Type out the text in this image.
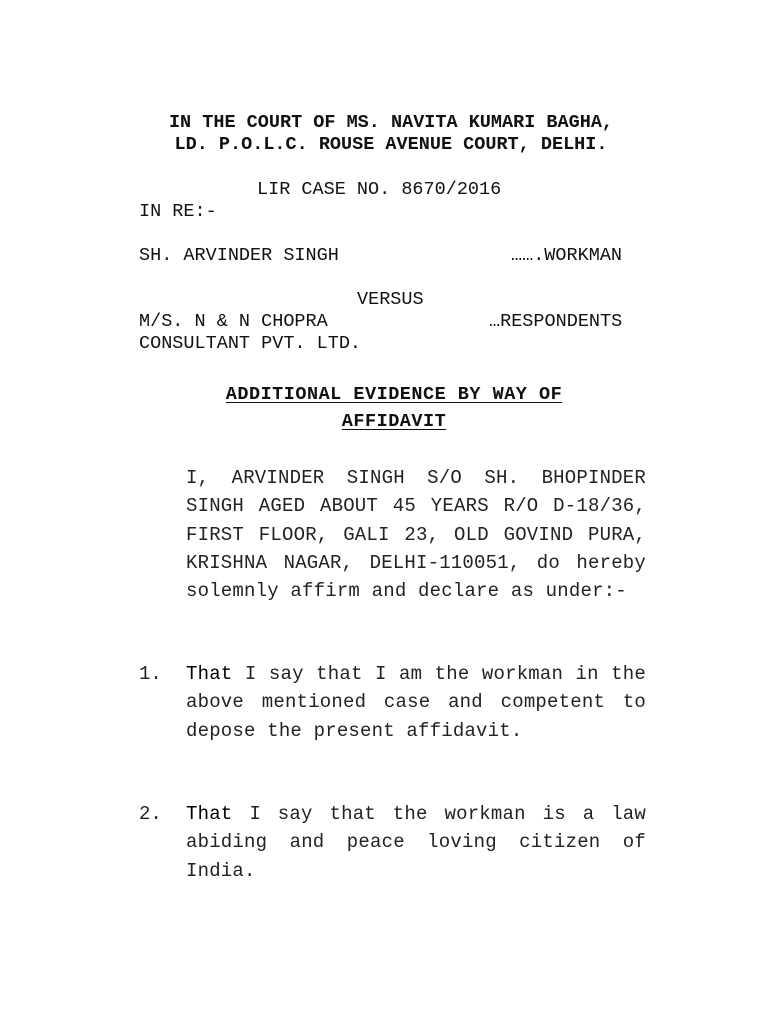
IN THE COURT OF MS. NAVITA KUMARI BAGHA,
LD. P.O.L.C. ROUSE AVENUE COURT, DELHI.
LIR CASE NO. 8670/2016
IN RE:-
SH. ARVINDER SINGH	…….WORKMAN
VERSUS
M/S. N & N CHOPRA	…RESPONDENTS
CONSULTANT PVT. LTD.
ADDITIONAL EVIDENCE BY WAY OF
AFFIDAVIT
I, ARVINDER SINGH S/O SH. BHOPINDER SINGH AGED ABOUT 45 YEARS R/O D-18/36, FIRST FLOOR, GALI 23, OLD GOVIND PURA, KRISHNA NAGAR, DELHI-110051, do hereby solemnly affirm and declare as under:-
1. That I say that I am the workman in the above mentioned case and competent to depose the present affidavit.
2. That I say that the workman is a law abiding and peace loving citizen of India.
